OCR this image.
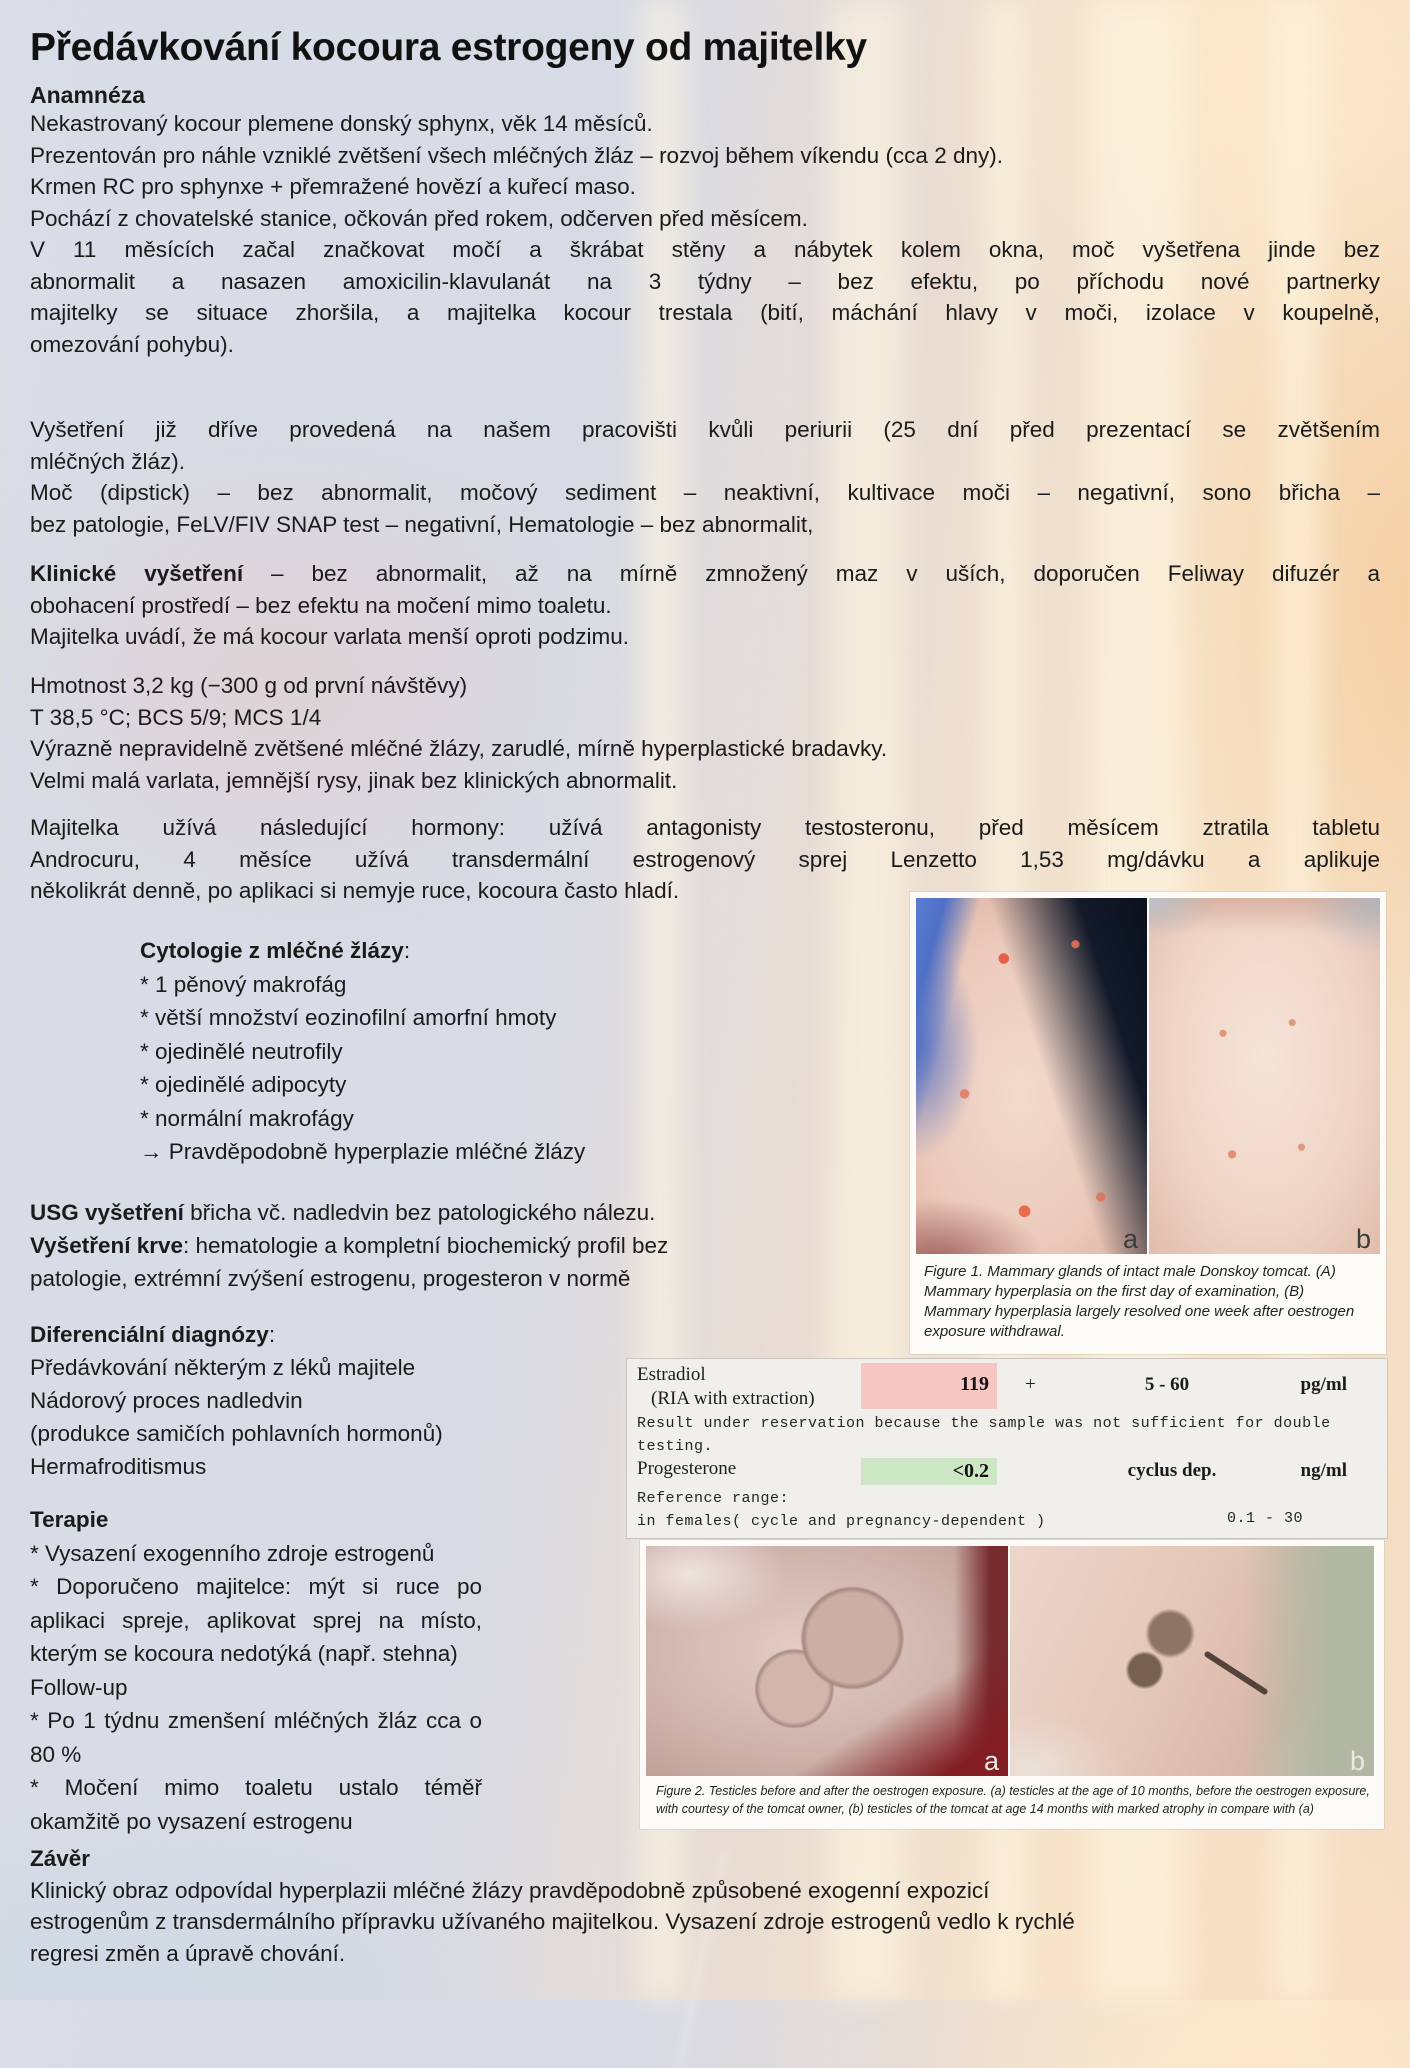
Předávkování kocoura estrogeny od majitelky
Anamnéza
Nekastrovaný kocour plemene donský sphynx, věk 14 měsíců.
Prezentován pro náhle vzniklé zvětšení všech mléčných žláz – rozvoj během víkendu (cca 2 dny).
Krmen RC pro sphynxe + přemražené hovězí a kuřecí maso.
Pochází z chovatelské stanice, očkován před rokem, odčerven před měsícem.
V 11 měsících začal značkovat močí a škrábat stěny a nábytek kolem okna, moč vyšetřena jinde bez
abnormalit a nasazen amoxicilin-klavulanát na 3 týdny – bez efektu, po příchodu nové partnerky
majitelky se situace zhoršila, a majitelka kocour trestala (bití, máchání hlavy v moči, izolace v koupelně,
omezování pohybu).
Vyšetření již dříve provedená na našem pracovišti kvůli periurii (25 dní před prezentací se zvětšením
mléčných žláz).
Moč (dipstick) – bez abnormalit, močový sediment – neaktivní, kultivace moči – negativní, sono břicha –
bez patologie, FeLV/FIV SNAP test – negativní, Hematologie – bez abnormalit,
Klinické vyšetření – bez abnormalit, až na mírně zmnožený maz v uších, doporučen Feliway difuzér a
obohacení prostředí – bez efektu na močení mimo toaletu.
Majitelka uvádí, že má kocour varlata menší oproti podzimu.
Hmotnost 3,2 kg (−300 g od první návštěvy)
T 38,5 °C; BCS 5/9; MCS 1/4
Výrazně nepravidelně zvětšené mléčné žlázy, zarudlé, mírně hyperplastické bradavky.
Velmi malá varlata, jemnější rysy, jinak bez klinických abnormalit.
Majitelka užívá následující hormony: užívá antagonisty testosteronu, před měsícem ztratila tabletu
Androcuru, 4 měsíce užívá transdermální estrogenový sprej Lenzetto 1,53 mg/dávku a aplikuje
několikrát denně, po aplikaci si nemyje ruce, kocoura často hladí.
Cytologie z mléčné žlázy:
* 1 pěnový makrofág
* větší množství eozinofilní amorfní hmoty
* ojedinělé neutrofily
* ojedinělé adipocyty
* normální makrofágy
→ Pravděpodobně hyperplazie mléčné žlázy
USG vyšetření břicha vč. nadledvin bez patologického nálezu.
Vyšetření krve: hematologie a kompletní biochemický profil bez
patologie, extrémní zvýšení estrogenu, progesteron v normě
Diferenciální diagnózy:
Předávkování některým z léků majitele
Nádorový proces nadledvin
(produkce samičích pohlavních hormonů)
Hermafroditismus
Terapie
* Vysazení exogenního zdroje estrogenů
* Doporučeno majitelce: mýt si ruce po
aplikaci spreje, aplikovat sprej na místo,
kterým se kocoura nedotýká (např. stehna)
Follow-up
* Po 1 týdnu zmenšení mléčných žláz cca o
80 %
* Močení mimo toaletu ustalo téměř
okamžitě po vysazení estrogenu
Závěr
Klinický obraz odpovídal hyperplazii mléčné žlázy pravděpodobně způsobené exogenní expozicí
estrogenům z transdermálního přípravku užívaného majitelkou. Vysazení zdroje estrogenů vedlo k rychlé
regresi změn a úpravě chování.
a	b
Figure 1. Mammary glands of intact male Donskoy tomcat. (A) Mammary hyperplasia on the first day of examination, (B) Mammary hyperplasia largely resolved one week after oestrogen exposure withdrawal.
Estradiol
(RIA with extraction)
119 +	5 - 60	pg/ml
Result under reservation because the sample was not sufficient for double
testing.
Progesterone	<0.2	cyclus dep.	ng/ml
Reference range:
in females( cycle and pregnancy-dependent )	0.1 - 30
a	b
Figure 2. Testicles before and after the oestrogen exposure. (a) testicles at the age of 10 months, before the oestrogen exposure, with courtesy of the tomcat owner, (b) testicles of the tomcat at age 14 months with marked atrophy in compare with (a)
